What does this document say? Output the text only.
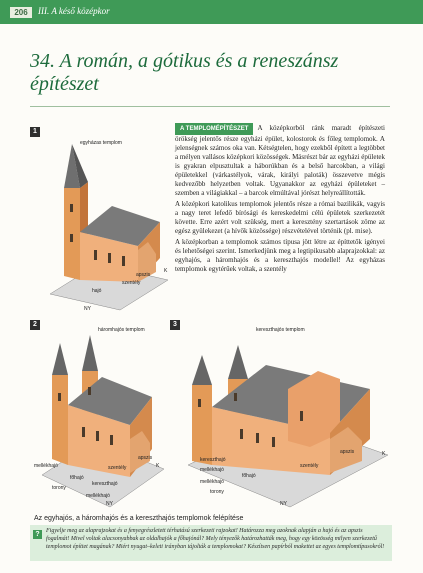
206	III. A késő középkor
34. A román, a gótikus és a reneszánsz építészet
1
egyházas templom
apszis
szentély
hajó
K
NY
2
háromhajós templom
apszis
mellékhajó
főhajó
szentély
kereszthajó
torony
mellékhajó
K
NY
3
kereszthajós templom
apszis
kereszthajó
szentély
mellékhajó
főhajó
mellékhajó
torony
K
NY

A TEMPLOMÉPÍTÉSZET A középkorból ránk maradt építészeti örökség jelentős része egyházi épület, kolostorok és főleg templomok. A jelenségnek számos oka van. Kétségtelen, hogy ezekből épített a legtöbbet a mélyen vallásos középkori közösségek. Másrészt bár az egyházi épületek is gyakran elpusztultak a háborúkban és a belső harcokban, a világi épületekkel (várkastélyok, várak, királyi paloták) összevetve mégis kedvezőbb helyzetben voltak. Ugyanakkor az egyházi épületeket – szemben a világiakkal – a barcok elmúltával jórészt helyreállították.

A középkori katolikus templomok jelentős része a római bazilikák, vagyis a nagy teret lefedő bírósági és kereskedelmi célú épületek szerkezetét követte. Erre azért volt szükség, mert a keresztény szertartások zöme az egész gyülekezet (a hívők közössége) részvételével történik (pl. mise).

A középkorban a templomok számos típusa jött létre az építtetők igényei és lehetőségei szerint. Ismerkedjünk meg a legtipikusabb alaprajzokkal: az egyhajós, a háromhajós és a kereszthajós modellel! Az egyházas templomok egytérűek voltak, a szentély

Az egyhajós, a háromhajós és a kereszthajós templomok felépítése
?	Figyelje meg az alaprajzokat és a fenyegrészletett térhatású szerkezeti rajzokat! Határozza meg azoknak alapján a hajó és az apszis fogalmát! Mivel voltak alacsonyabbak az oldalhajók a főhajónál? Mely tényezők határozhatták meg, hogy egy közösség milyen szerkezetű templomot építtet magának? Miért nyugat–keleti irányban tájolták a templomokat? Készítsen papírból makettet az egyes templomtípusokról!
